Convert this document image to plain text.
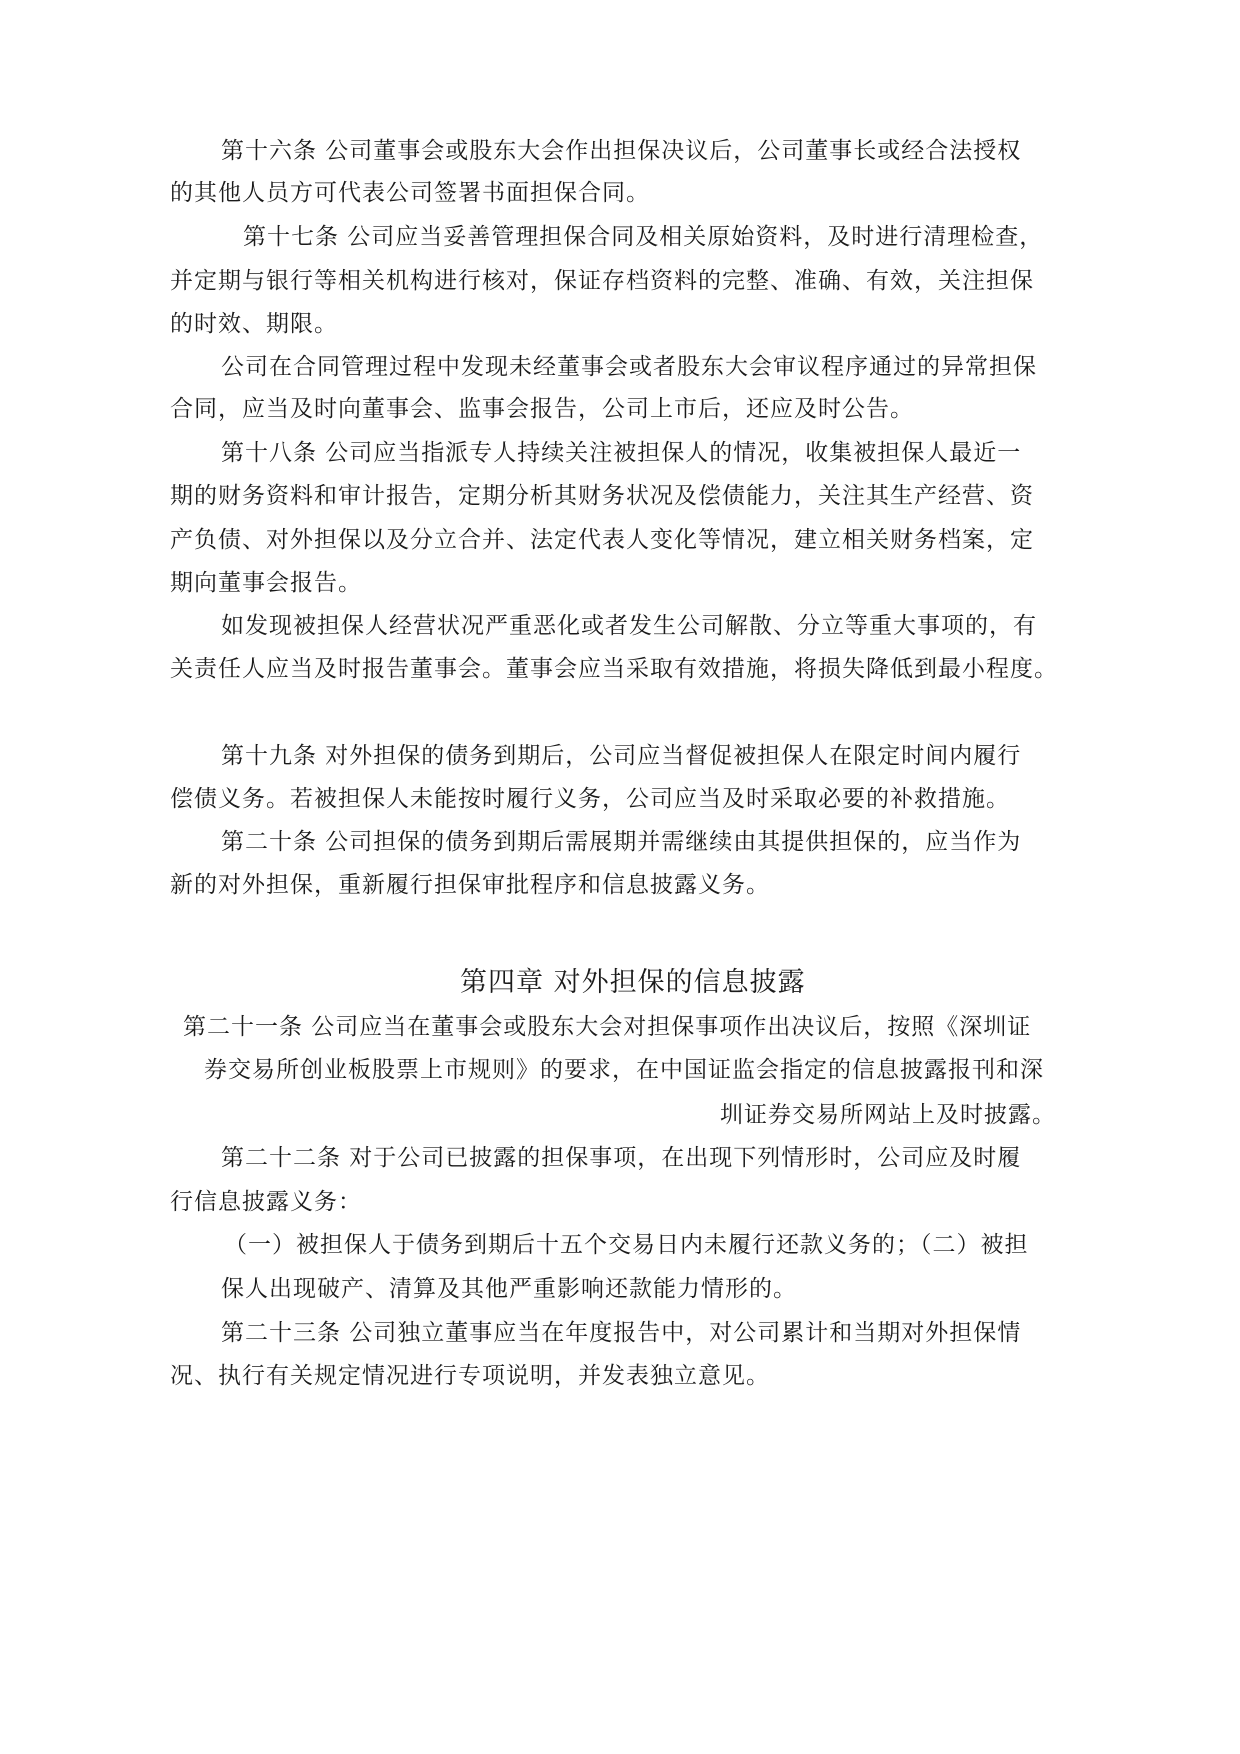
第十六条 公司董事会或股东大会作出担保决议后，公司董事长或经合法授权
的其他人员方可代表公司签署书面担保合同。
第十七条 公司应当妥善管理担保合同及相关原始资料，及时进行清理检查，
并定期与银行等相关机构进行核对，保证存档资料的完整、准确、有效，关注担保
的时效、期限。
公司在合同管理过程中发现未经董事会或者股东大会审议程序通过的异常担保
合同，应当及时向董事会、监事会报告，公司上市后，还应及时公告。
第十八条 公司应当指派专人持续关注被担保人的情况，收集被担保人最近一
期的财务资料和审计报告，定期分析其财务状况及偿债能力，关注其生产经营、资
产负债、对外担保以及分立合并、法定代表人变化等情况，建立相关财务档案，定
期向董事会报告。
如发现被担保人经营状况严重恶化或者发生公司解散、分立等重大事项的，有
关责任人应当及时报告董事会。董事会应当采取有效措施，将损失降低到最小程度。
第十九条 对外担保的债务到期后，公司应当督促被担保人在限定时间内履行
偿债义务。若被担保人未能按时履行义务，公司应当及时采取必要的补救措施。
第二十条 公司担保的债务到期后需展期并需继续由其提供担保的，应当作为
新的对外担保，重新履行担保审批程序和信息披露义务。
第四章 对外担保的信息披露
第二十一条 公司应当在董事会或股东大会对担保事项作出决议后，按照《深圳证
券交易所创业板股票上市规则》的要求，在中国证监会指定的信息披露报刊和深
圳证券交易所网站上及时披露。
第二十二条 对于公司已披露的担保事项，在出现下列情形时，公司应及时履
行信息披露义务：
（一）被担保人于债务到期后十五个交易日内未履行还款义务的；（二）被担
保人出现破产、清算及其他严重影响还款能力情形的。
第二十三条 公司独立董事应当在年度报告中，对公司累计和当期对外担保情
况、执行有关规定情况进行专项说明，并发表独立意见。
